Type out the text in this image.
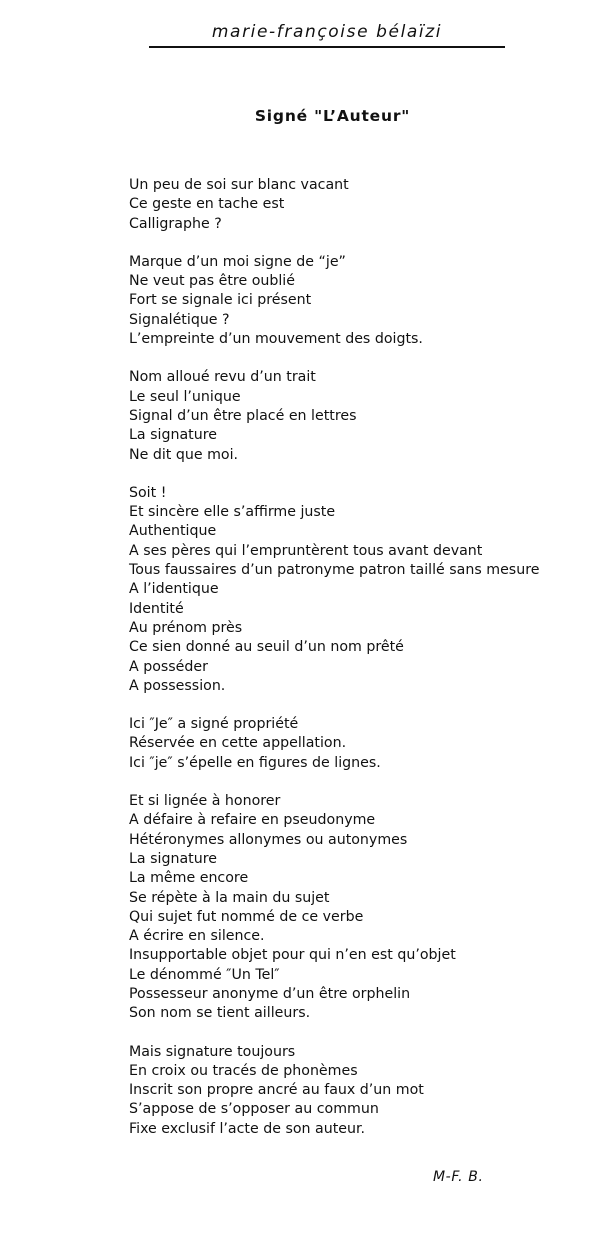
marie-françoise bélaïzi
Signé "L’Auteur"
Un peu de soi sur blanc vacant
Ce geste en tache est
Calligraphe ?
Marque d’un moi signe de “je”
Ne veut pas être oublié
Fort se signale ici présent
Signalétique ?
L’empreinte d’un mouvement des doigts.
Nom alloué revu d’un trait
Le seul l’unique
Signal d’un être placé en lettres
La signature
Ne dit que moi.
Soit !
Et sincère elle s’affirme juste
Authentique
A ses pères qui l’empruntèrent tous avant devant
Tous faussaires d’un patronyme patron taillé sans mesure
A l’identique
Identité
Au prénom près
Ce sien donné au seuil d’un nom prêté
A posséder
A possession.
Ici ″Je″ a signé propriété
Réservée en cette appellation.
Ici ″je″ s’épelle en figures de lignes.
Et si lignée à honorer
A défaire à refaire en pseudonyme
Hétéronymes allonymes ou autonymes
La signature
La même encore
Se répète à la main du sujet
Qui sujet fut nommé de ce verbe
A écrire en silence.
Insupportable objet pour qui n’en est qu’objet
Le dénommé ″Un Tel″
Possesseur anonyme d’un être orphelin
Son nom se tient ailleurs.
Mais signature toujours
En croix ou tracés de phonèmes
Inscrit son propre ancré au faux d’un mot
S’appose de s’opposer au commun
Fixe exclusif l’acte de son auteur.
M-F. B.
